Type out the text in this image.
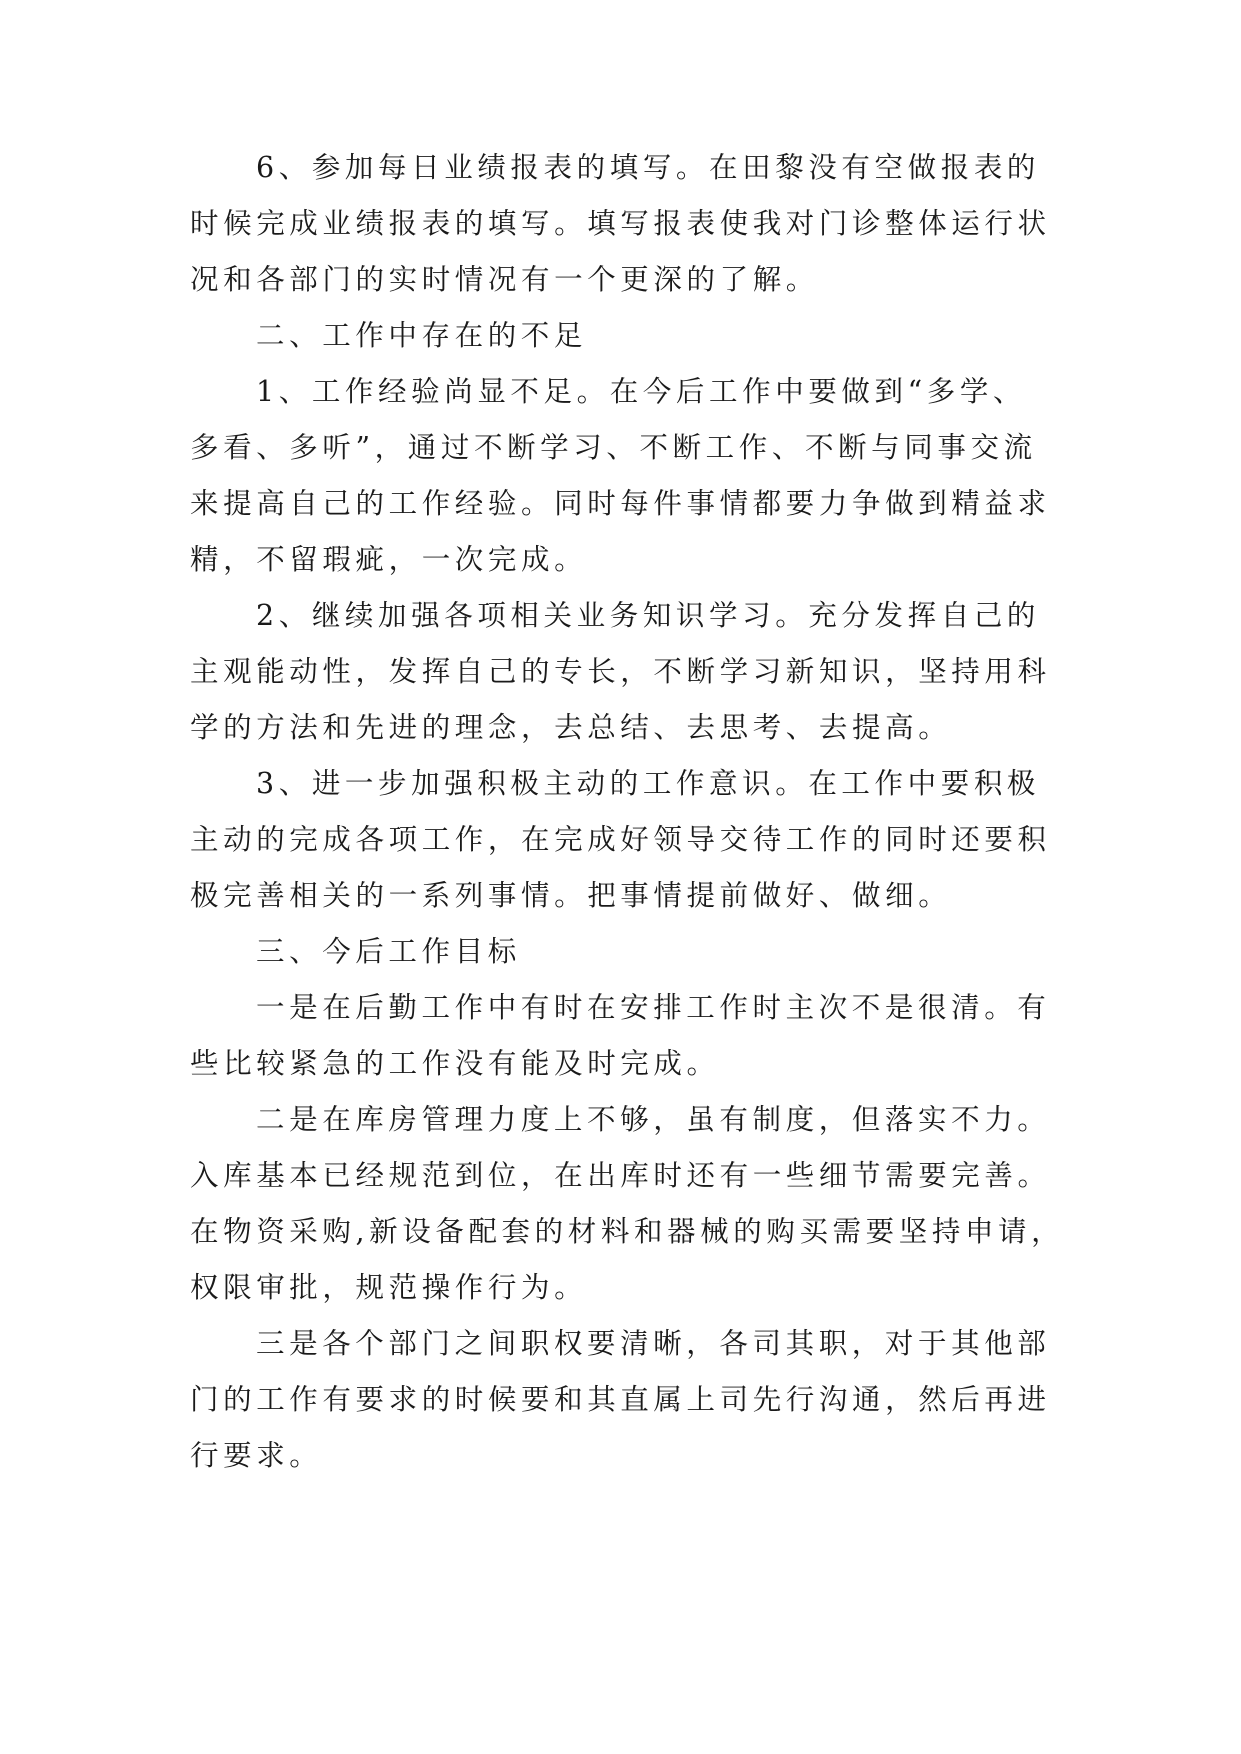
6、参加每日业绩报表的填写。在田黎没有空做报表的

时候完成业绩报表的填写。填写报表使我对门诊整体运行状

况和各部门的实时情况有一个更深的了解。

二、工作中存在的不足

1、工作经验尚显不足。在今后工作中要做到“多学、

多看、多听”，通过不断学习、不断工作、不断与同事交流

来提高自己的工作经验。同时每件事情都要力争做到精益求

精，不留瑕疵，一次完成。

2、继续加强各项相关业务知识学习。充分发挥自己的

主观能动性，发挥自己的专长，不断学习新知识，坚持用科

学的方法和先进的理念，去总结、去思考、去提高。

3、进一步加强积极主动的工作意识。在工作中要积极

主动的完成各项工作，在完成好领导交待工作的同时还要积

极完善相关的一系列事情。把事情提前做好、做细。

三、今后工作目标

一是在后勤工作中有时在安排工作时主次不是很清。有

些比较紧急的工作没有能及时完成。

二是在库房管理力度上不够，虽有制度，但落实不力。

入库基本已经规范到位，在出库时还有一些细节需要完善。

在物资采购,新设备配套的材料和器械的购买需要坚持申请，

权限审批，规范操作行为。

三是各个部门之间职权要清晰，各司其职，对于其他部

门的工作有要求的时候要和其直属上司先行沟通，然后再进

行要求。
